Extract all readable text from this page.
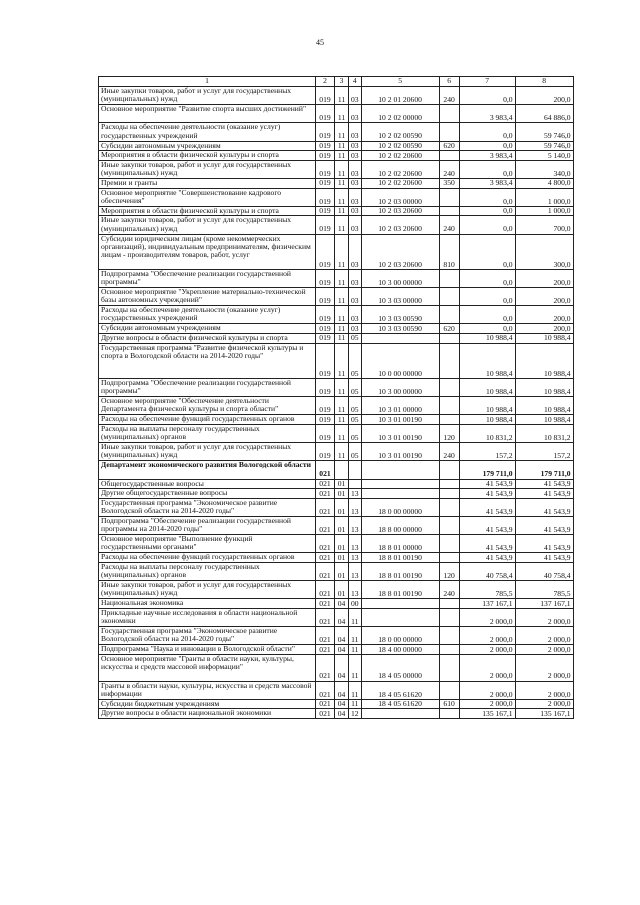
45
1	2	3	4	5	6	7	8
Иные закупки товаров, работ и услуг для государственных (муниципальных) нужд	019	11	03	10 2 01 20600	240	0,0	200,0
Основное мероприятие "Развитие спорта высших достижений"	019	11	03	10 2 02 00000		3 983,4	64 886,0
Расходы на обеспечение деятельности (оказание услуг) государственных учреждений	019	11	03	10 2 02 00590		0,0	59 746,0
Субсидии автономным учреждениям	019	11	03	10 2 02 00590	620	0,0	59 746,0
Мероприятия в области физической культуры и спорта	019	11	03	10 2 02 20600		3 983,4	5 140,0
Иные закупки товаров, работ и услуг для государственных (муниципальных) нужд	019	11	03	10 2 02 20600	240	0,0	340,0
Премии и гранты	019	11	03	10 2 02 20600	350	3 983,4	4 800,0
Основное мероприятие "Совершенствование кадрового обеспечения"	019	11	03	10 2 03 00000		0,0	1 000,0
Мероприятия в области физической культуры и спорта	019	11	03	10 2 03 20600		0,0	1 000,0
Иные закупки товаров, работ и услуг для государственных (муниципальных) нужд	019	11	03	10 2 03 20600	240	0,0	700,0
Субсидии юридическим лицам (кроме некоммерческих организаций), индивидуальным предпринимателям, физическим лицам - производителям товаров, работ, услуг	019	11	03	10 2 03 20600	810	0,0	300,0
Подпрограмма "Обеспечение реализации государственной программы"	019	11	03	10 3 00 00000		0,0	200,0
Основное мероприятие "Укрепление материально-технической базы автономных учреждений"	019	11	03	10 3 03 00000		0,0	200,0
Расходы на обеспечение деятельности (оказание услуг) государственных учреждений	019	11	03	10 3 03 00590		0,0	200,0
Субсидии автономным учреждениям	019	11	03	10 3 03 00590	620	0,0	200,0
Другие вопросы в области физической культуры и спорта	019	11	05			10 988,4	10 988,4
Государственная программа "Развитие физической культуры и спорта в Вологодской области на 2014-2020 годы"	019	11	05	10 0 00 00000		10 988,4	10 988,4
Подпрограмма "Обеспечение реализации государственной программы"	019	11	05	10 3 00 00000		10 988,4	10 988,4
Основное мероприятие "Обеспечение деятельности Департамента физической культуры и спорта области"	019	11	05	10 3 01 00000		10 988,4	10 988,4
Расходы на обеспечение функций государственных органов	019	11	05	10 3 01 00190		10 988,4	10 988,4
Расходы на выплаты персоналу государственных (муниципальных) органов	019	11	05	10 3 01 00190	120	10 831,2	10 831,2
Иные закупки товаров, работ и услуг для государственных (муниципальных) нужд	019	11	05	10 3 01 00190	240	157,2	157,2
Департамент экономического развития Вологодской области	021					179 711,0	179 711,0
Общегосударственные вопросы	021	01				41 543,9	41 543,9
Другие общегосударственные вопросы	021	01	13			41 543,9	41 543,9
Государственная программа "Экономическое развитие Вологодской области на 2014-2020 годы"	021	01	13	18 0 00 00000		41 543,9	41 543,9
Подпрограмма "Обеспечение реализации государственной программы на 2014-2020 годы"	021	01	13	18 8 00 00000		41 543,9	41 543,9
Основное мероприятие "Выполнение функций государственными органами"	021	01	13	18 8 01 00000		41 543,9	41 543,9
Расходы на обеспечение функций государственных органов	021	01	13	18 8 01 00190		41 543,9	41 543,9
Расходы на выплаты персоналу государственных (муниципальных) органов	021	01	13	18 8 01 00190	120	40 758,4	40 758,4
Иные закупки товаров, работ и услуг для государственных (муниципальных) нужд	021	01	13	18 8 01 00190	240	785,5	785,5
Национальная экономика	021	04	00			137 167,1	137 167,1
Прикладные научные исследования в области национальной экономики	021	04	11			2 000,0	2 000,0
Государственная программа "Экономическое развитие Вологодской области на 2014-2020 годы"	021	04	11	18 0 00 00000		2 000,0	2 000,0
Подпрограмма "Наука и инновации в Вологодской области"	021	04	11	18 4 00 00000		2 000,0	2 000,0
Основное мероприятие "Гранты в области науки, культуры, искусства и средств массовой информации"	021	04	11	18 4 05 00000		2 000,0	2 000,0
Гранты в области науки, культуры, искусства и средств массовой информации	021	04	11	18 4 05 61620		2 000,0	2 000,0
Субсидии бюджетным учреждениям	021	04	11	18 4 05 61620	610	2 000,0	2 000,0
Другие вопросы в области национальной экономики	021	04	12			135 167,1	135 167,1
